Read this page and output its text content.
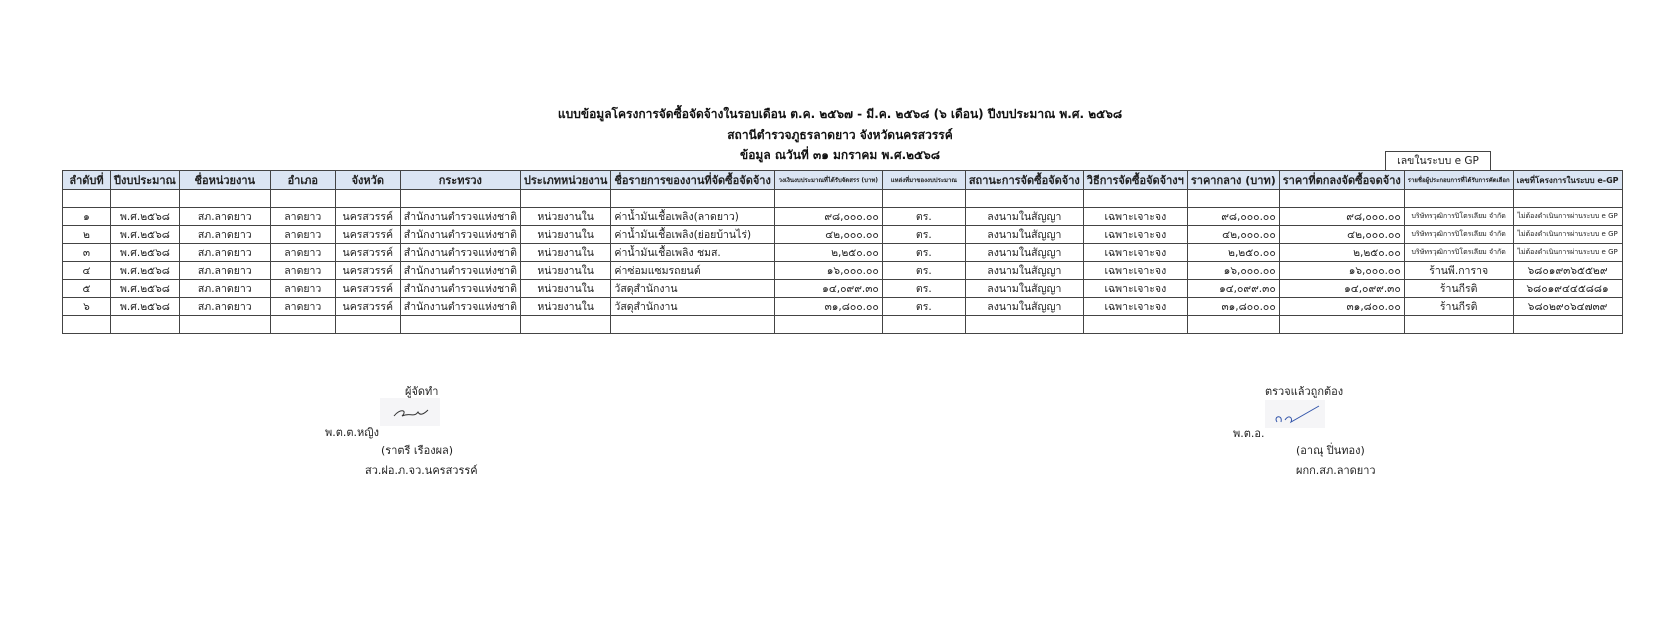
แบบข้อมูลโครงการจัดซื้อจัดจ้างในรอบเดือน ต.ค. ๒๕๖๗ - มี.ค. ๒๕๖๘ (๖ เดือน) ปีงบประมาณ พ.ศ. ๒๕๖๘
สถานีตำรวจภูธรลาดยาว จังหวัดนครสวรรค์
ข้อมูล ณวันที่ ๓๑ มกราคม พ.ศ.๒๕๖๘	เลขในระบบ e GP
ลำดับที่	ปีงบประมาณ	ชื่อหน่วยงาน	อำเภอ	จังหวัด	กระทรวง	ประเภทหน่วยงาน	ชื่อรายการของงานที่จัดซื้อจัดจ้าง	วงเงินงบประมาณที่ได้รับจัดสรร (บาท)	แหล่งที่มาของงบประมาณ	สถานะการจัดซื้อจัดจ้าง	วิธีการจัดซื้อจัดจ้างฯ	ราคากลาง (บาท)	ราคาที่ตกลงจัดซื้อจดจ้าง	รายชื่อผู้ประกอบการที่ได้รับการคัดเลือก	เลขที่โครงการในระบบ e-GP

๑	พ.ศ.๒๕๖๘	สภ.ลาดยาว	ลาดยาว	นครสวรรค์	สำนักงานตำรวจแห่งชาติ	หน่วยงานใน	ค่าน้ำมันเชื้อเพลิง(ลาดยาว)	๙๘,๐๐๐.๐๐	ตร.	ลงนามในสัญญา	เฉพาะเจาะจง	๙๘,๐๐๐.๐๐	๙๘,๐๐๐.๐๐	บริษัทรวุฒิการปิโตรเลียม จำกัด	ไม่ต้องดำเนินการผ่านระบบ e GP
๒	พ.ศ.๒๕๖๘	สภ.ลาดยาว	ลาดยาว	นครสวรรค์	สำนักงานตำรวจแห่งชาติ	หน่วยงานใน	ค่าน้ำมันเชื้อเพลิง(ย่อยบ้านไร่)	๔๒,๐๐๐.๐๐	ตร.	ลงนามในสัญญา	เฉพาะเจาะจง	๔๒,๐๐๐.๐๐	๔๒,๐๐๐.๐๐	บริษัทรวุฒิการปิโตรเลียม จำกัด	ไม่ต้องดำเนินการผ่านระบบ e GP
๓	พ.ศ.๒๕๖๘	สภ.ลาดยาว	ลาดยาว	นครสวรรค์	สำนักงานตำรวจแห่งชาติ	หน่วยงานใน	ค่าน้ำมันเชื้อเพลิง ชมส.	๒,๒๕๐.๐๐	ตร.	ลงนามในสัญญา	เฉพาะเจาะจง	๒,๒๕๐.๐๐	๒,๒๕๐.๐๐	บริษัทรวุฒิการปิโตรเลียม จำกัด	ไม่ต้องดำเนินการผ่านระบบ e GP
๔	พ.ศ.๒๕๖๘	สภ.ลาดยาว	ลาดยาว	นครสวรรค์	สำนักงานตำรวจแห่งชาติ	หน่วยงานใน	ค่าซ่อมแซมรถยนต์	๑๖,๐๐๐.๐๐	ตร.	ลงนามในสัญญา	เฉพาะเจาะจง	๑๖,๐๐๐.๐๐	๑๖,๐๐๐.๐๐	ร้านพี.การาจ	๖๘๐๑๙๓๖๕๕๒๙
๕	พ.ศ.๒๕๖๘	สภ.ลาดยาว	ลาดยาว	นครสวรรค์	สำนักงานตำรวจแห่งชาติ	หน่วยงานใน	วัสดุสำนักงาน	๑๔,๐๙๙.๓๐	ตร.	ลงนามในสัญญา	เฉพาะเจาะจง	๑๔,๐๙๙.๓๐	๑๔,๐๙๙.๓๐	ร้านกีรติ	๖๘๐๑๙๔๔๕๘๘๑
๖	พ.ศ.๒๕๖๘	สภ.ลาดยาว	ลาดยาว	นครสวรรค์	สำนักงานตำรวจแห่งชาติ	หน่วยงานใน	วัสดุสำนักงาน	๓๑,๘๐๐.๐๐	ตร.	ลงนามในสัญญา	เฉพาะเจาะจง	๓๑,๘๐๐.๐๐	๓๑,๘๐๐.๐๐	ร้านกีรติ	๖๘๐๒๙๐๖๔๗๓๙

ผู้จัดทำ
พ.ต.ต.หญิง
(ราตรี เรืองผล)
สว.ฝอ.ภ.จว.นครสวรรค์
ตรวจแล้วถูกต้อง
พ.ต.อ.
(อาณุ ปิ่นทอง)
ผกก.สภ.ลาดยาว
